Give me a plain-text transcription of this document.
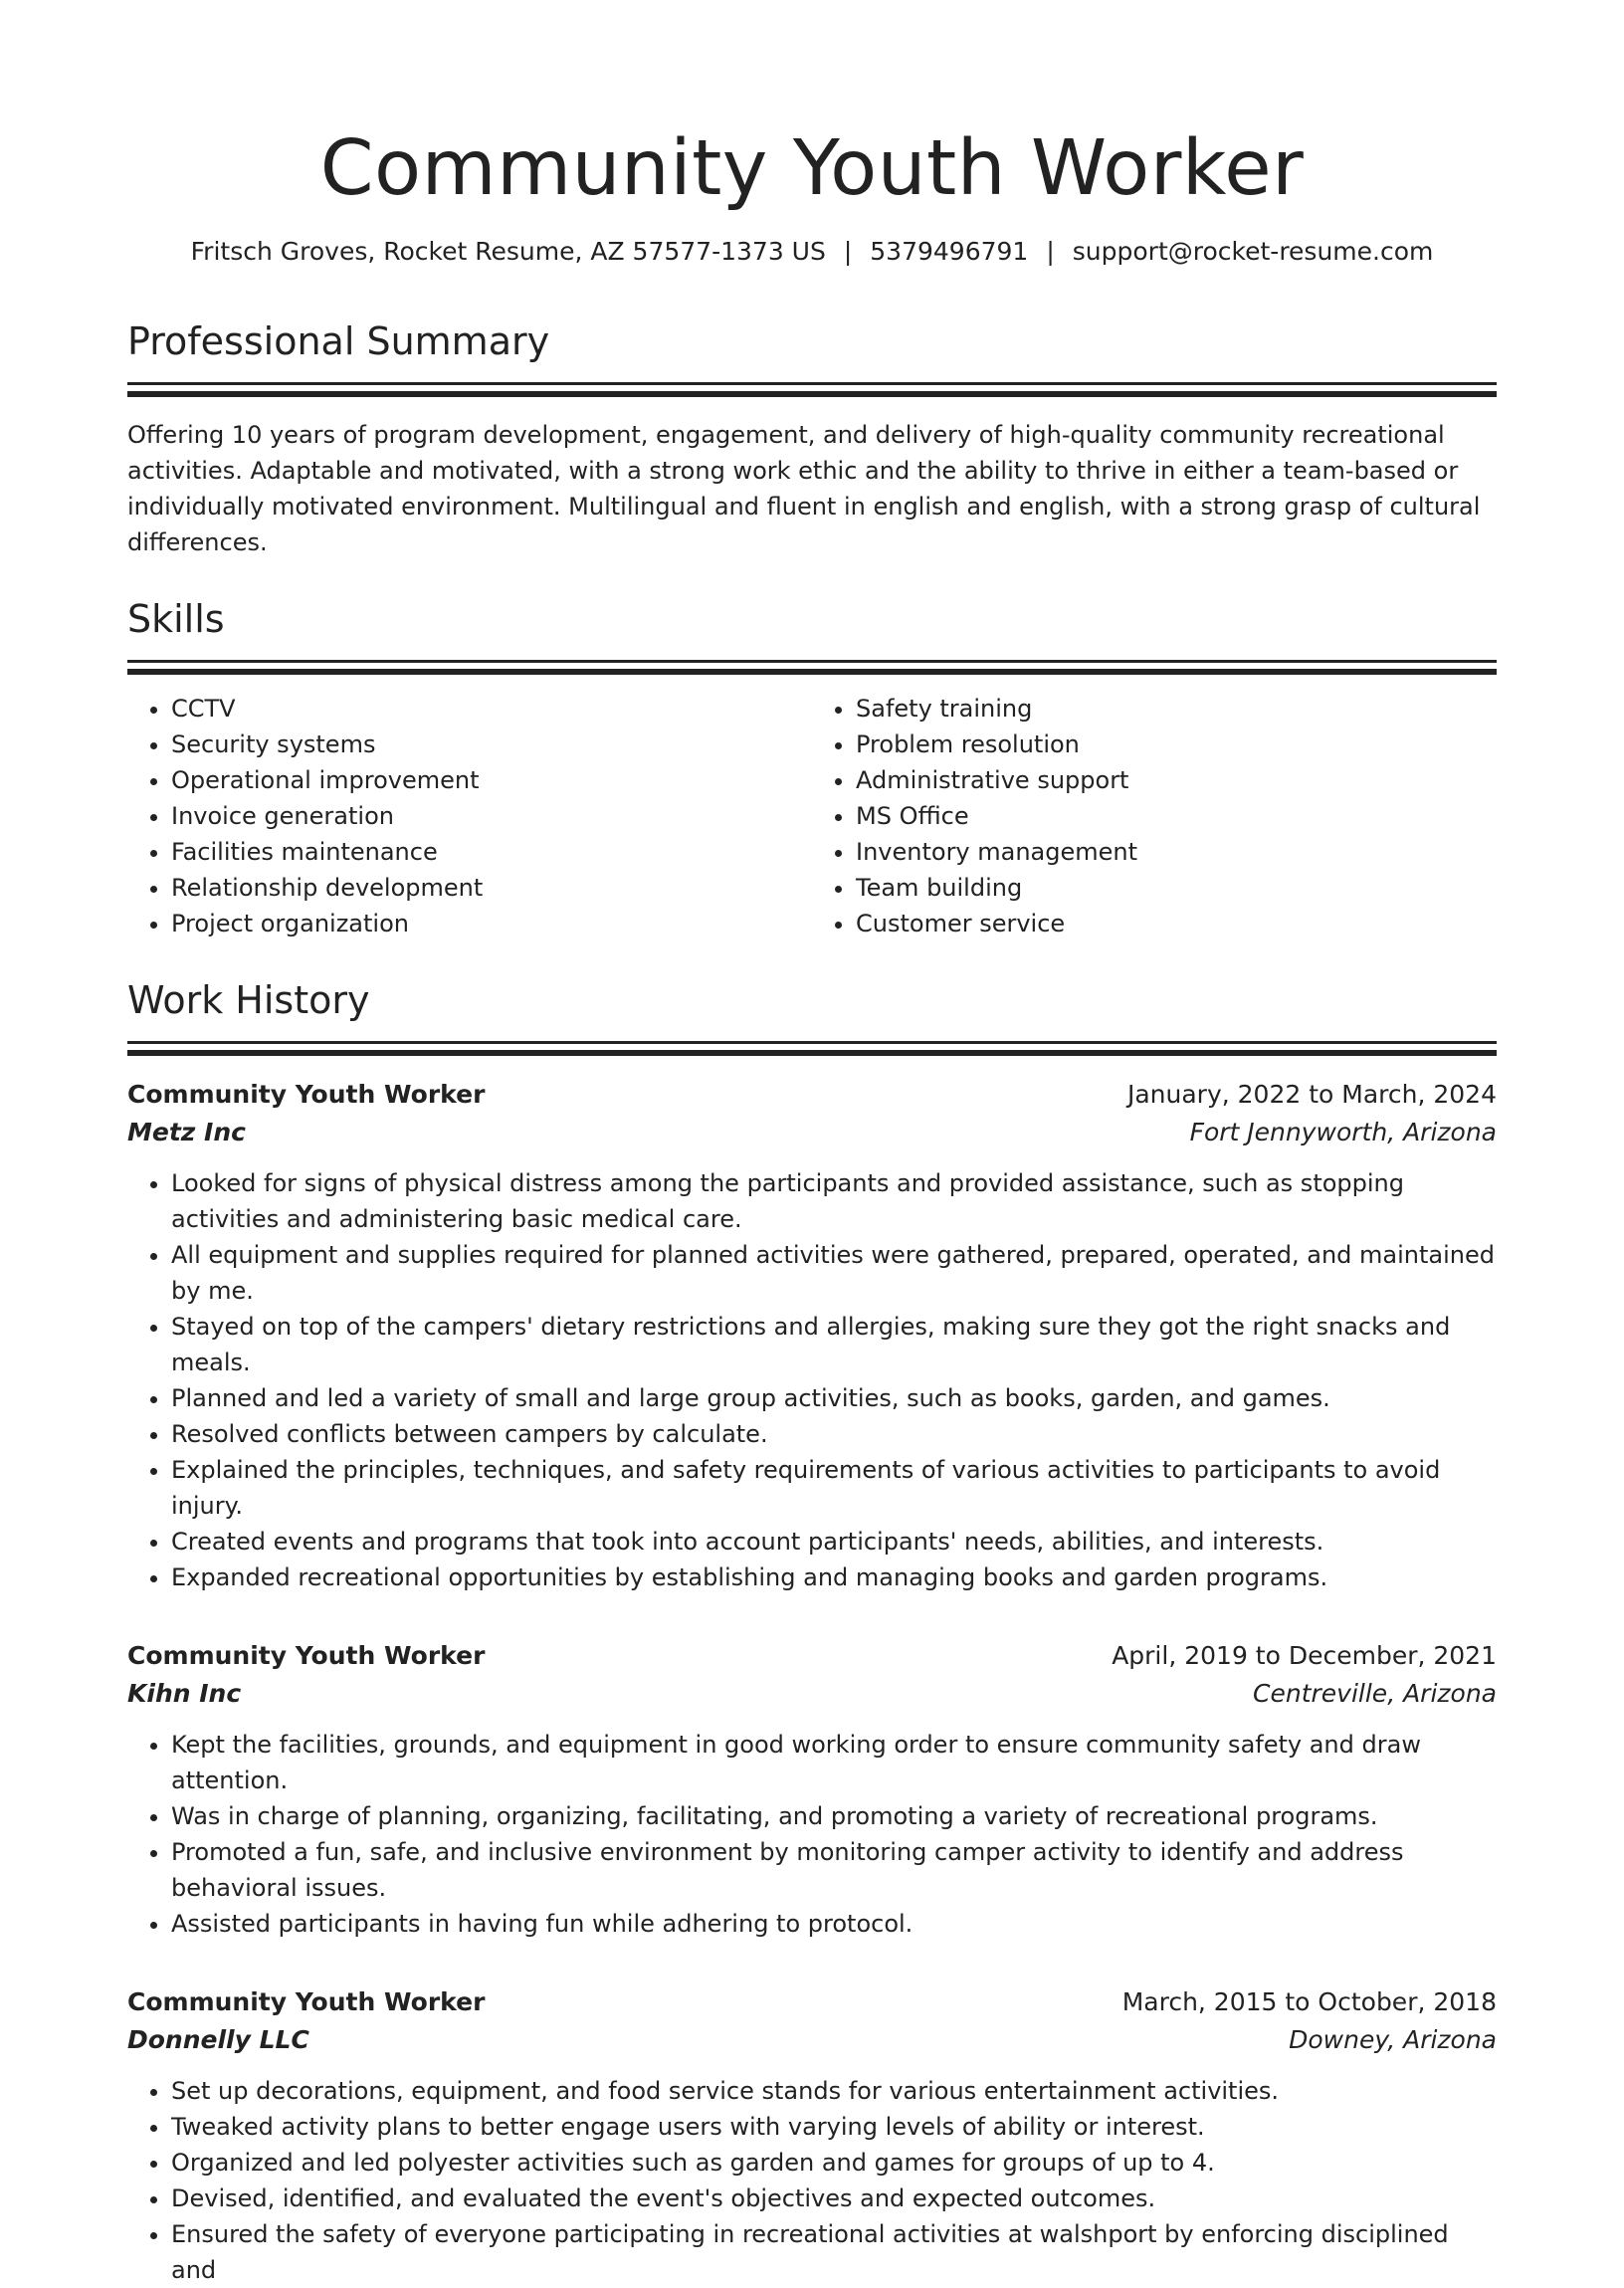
Community Youth Worker
Fritsch Groves, Rocket Resume, AZ 57577-1373 US | 5379496791 | support@rocket-resume.com
Professional Summary
Offering 10 years of program development, engagement, and delivery of high-quality community recreational activities. Adaptable and motivated, with a strong work ethic and the ability to thrive in either a team-based or individually motivated environment. Multilingual and fluent in english and english, with a strong grasp of cultural differences.
Skills
• CCTV
• Security systems
• Operational improvement
• Invoice generation
• Facilities maintenance
• Relationship development
• Project organization
• Safety training
• Problem resolution
• Administrative support
• MS Office
• Inventory management
• Team building
• Customer service
Work History
Community Youth Worker	January, 2022 to March, 2024
Metz Inc	Fort Jennyworth, Arizona
• Looked for signs of physical distress among the participants and provided assistance, such as stopping activities and administering basic medical care.
• All equipment and supplies required for planned activities were gathered, prepared, operated, and maintained by me.
• Stayed on top of the campers' dietary restrictions and allergies, making sure they got the right snacks and meals.
• Planned and led a variety of small and large group activities, such as books, garden, and games.
• Resolved conflicts between campers by calculate.
• Explained the principles, techniques, and safety requirements of various activities to participants to avoid injury.
• Created events and programs that took into account participants' needs, abilities, and interests.
• Expanded recreational opportunities by establishing and managing books and garden programs.
Community Youth Worker	April, 2019 to December, 2021
Kihn Inc	Centreville, Arizona
• Kept the facilities, grounds, and equipment in good working order to ensure community safety and draw attention.
• Was in charge of planning, organizing, facilitating, and promoting a variety of recreational programs.
• Promoted a fun, safe, and inclusive environment by monitoring camper activity to identify and address behavioral issues.
• Assisted participants in having fun while adhering to protocol.
Community Youth Worker	March, 2015 to October, 2018
Donnelly LLC	Downey, Arizona
• Set up decorations, equipment, and food service stands for various entertainment activities.
• Tweaked activity plans to better engage users with varying levels of ability or interest.
• Organized and led polyester activities such as garden and games for groups of up to 4.
• Devised, identified, and evaluated the event's objectives and expected outcomes.
• Ensured the safety of everyone participating in recreational activities at walshport by enforcing disciplined and
